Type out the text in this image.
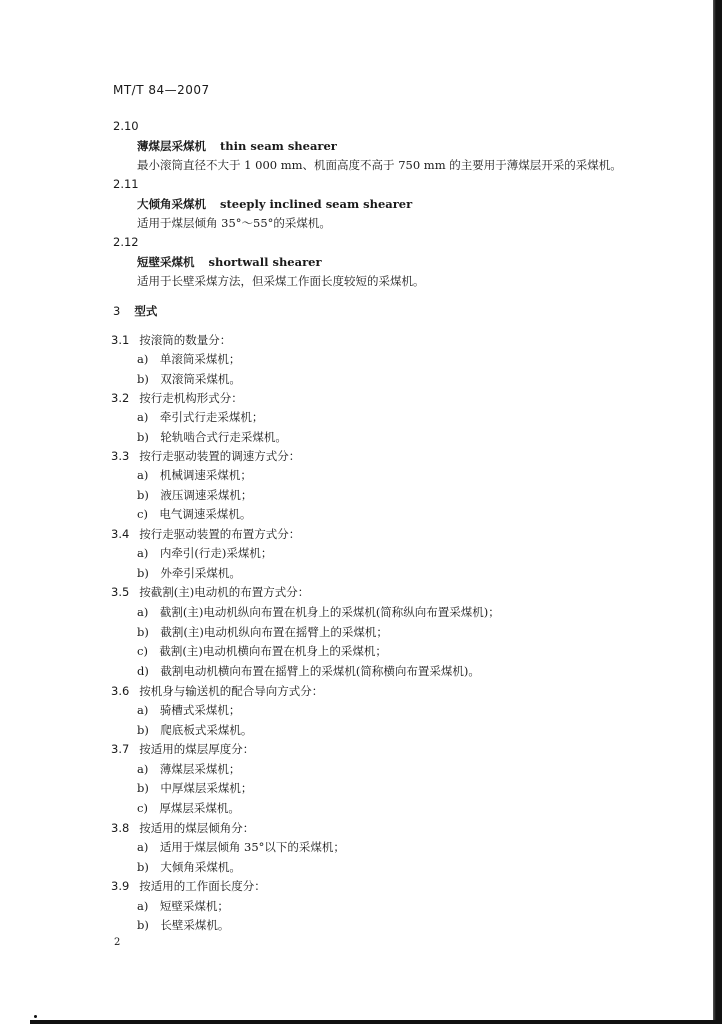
MT/T 84—2007
2.10
薄煤层采煤机 thin seam shearer
最小滚筒直径不大于 1 000 mm、机面高度不高于 750 mm 的主要用于薄煤层开采的采煤机。
2.11
大倾角采煤机 steeply inclined seam shearer
适用于煤层倾角 35°～55°的采煤机。
2.12
短壁采煤机 shortwall shearer
适用于长壁采煤方法，但采煤工作面长度较短的采煤机。
3 型式
3.1 按滚筒的数量分：
a)　单滚筒采煤机；
b)　双滚筒采煤机。
3.2 按行走机构形式分：
a)　牵引式行走采煤机；
b)　轮轨啮合式行走采煤机。
3.3 按行走驱动装置的调速方式分：
a)　机械调速采煤机；
b)　液压调速采煤机；
c)　电气调速采煤机。
3.4 按行走驱动装置的布置方式分：
a)　内牵引(行走)采煤机；
b)　外牵引采煤机。
3.5 按截割(主)电动机的布置方式分：
a)　截割(主)电动机纵向布置在机身上的采煤机(简称纵向布置采煤机)；
b)　截割(主)电动机纵向布置在摇臂上的采煤机；
c)　截割(主)电动机横向布置在机身上的采煤机；
d)　截割电动机横向布置在摇臂上的采煤机(简称横向布置采煤机)。
3.6 按机身与输送机的配合导向方式分：
a)　骑槽式采煤机；
b)　爬底板式采煤机。
3.7 按适用的煤层厚度分：
a)　薄煤层采煤机；
b)　中厚煤层采煤机；
c)　厚煤层采煤机。
3.8 按适用的煤层倾角分：
a)　适用于煤层倾角 35°以下的采煤机；
b)　大倾角采煤机。
3.9 按适用的工作面长度分：
a)　短壁采煤机；
b)　长壁采煤机。
2
